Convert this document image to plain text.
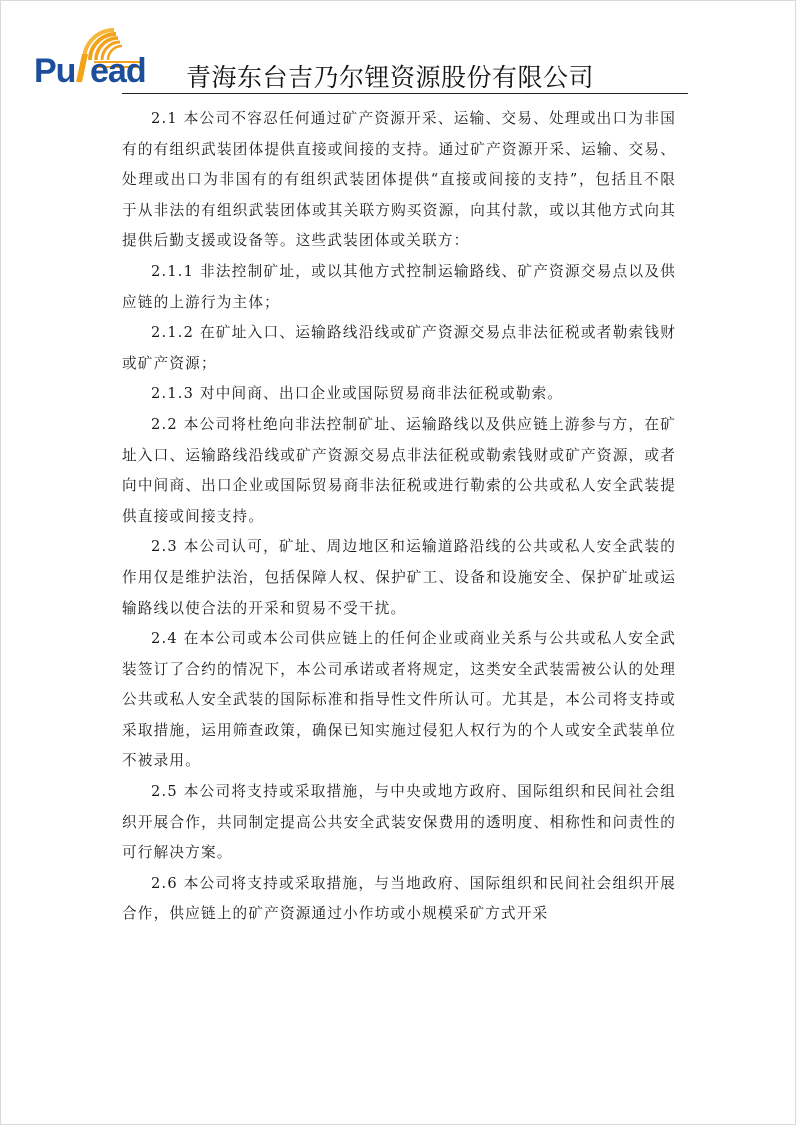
Pu ead 青海东台吉乃尔锂资源股份有限公司

2.1 本公司不容忍任何通过矿产资源开采、运输、交易、处理或出口为非国有的有组织武装团体提供直接或间接的支持。通过矿产资源开采、运输、交易、处理或出口为非国有的有组织武装团体提供“直接或间接的支持”，包括且不限于从非法的有组织武装团体或其关联方购买资源，向其付款，或以其他方式向其提供后勤支援或设备等。这些武装团体或关联方：

2.1.1 非法控制矿址，或以其他方式控制运输路线、矿产资源交易点以及供应链的上游行为主体；

2.1.2 在矿址入口、运输路线沿线或矿产资源交易点非法征税或者勒索钱财或矿产资源；

2.1.3 对中间商、出口企业或国际贸易商非法征税或勒索。

2.2 本公司将杜绝向非法控制矿址、运输路线以及供应链上游参与方，在矿址入口、运输路线沿线或矿产资源交易点非法征税或勒索钱财或矿产资源，或者向中间商、出口企业或国际贸易商非法征税或进行勒索的公共或私人安全武装提供直接或间接支持。

2.3 本公司认可，矿址、周边地区和运输道路沿线的公共或私人安全武装的作用仅是维护法治，包括保障人权、保护矿工、设备和设施安全、保护矿址或运输路线以使合法的开采和贸易不受干扰。

2.4 在本公司或本公司供应链上的任何企业或商业关系与公共或私人安全武装签订了合约的情况下，本公司承诺或者将规定，这类安全武装需被公认的处理公共或私人安全武装的国际标准和指导性文件所认可。尤其是，本公司将支持或采取措施，运用筛查政策，确保已知实施过侵犯人权行为的个人或安全武装单位不被录用。

2.5 本公司将支持或采取措施，与中央或地方政府、国际组织和民间社会组织开展合作，共同制定提高公共安全武装安保费用的透明度、相称性和问责性的可行解决方案。

2.6 本公司将支持或采取措施，与当地政府、国际组织和民间社会组织开展合作，供应链上的矿产资源通过小作坊或小规模采矿方式开采
